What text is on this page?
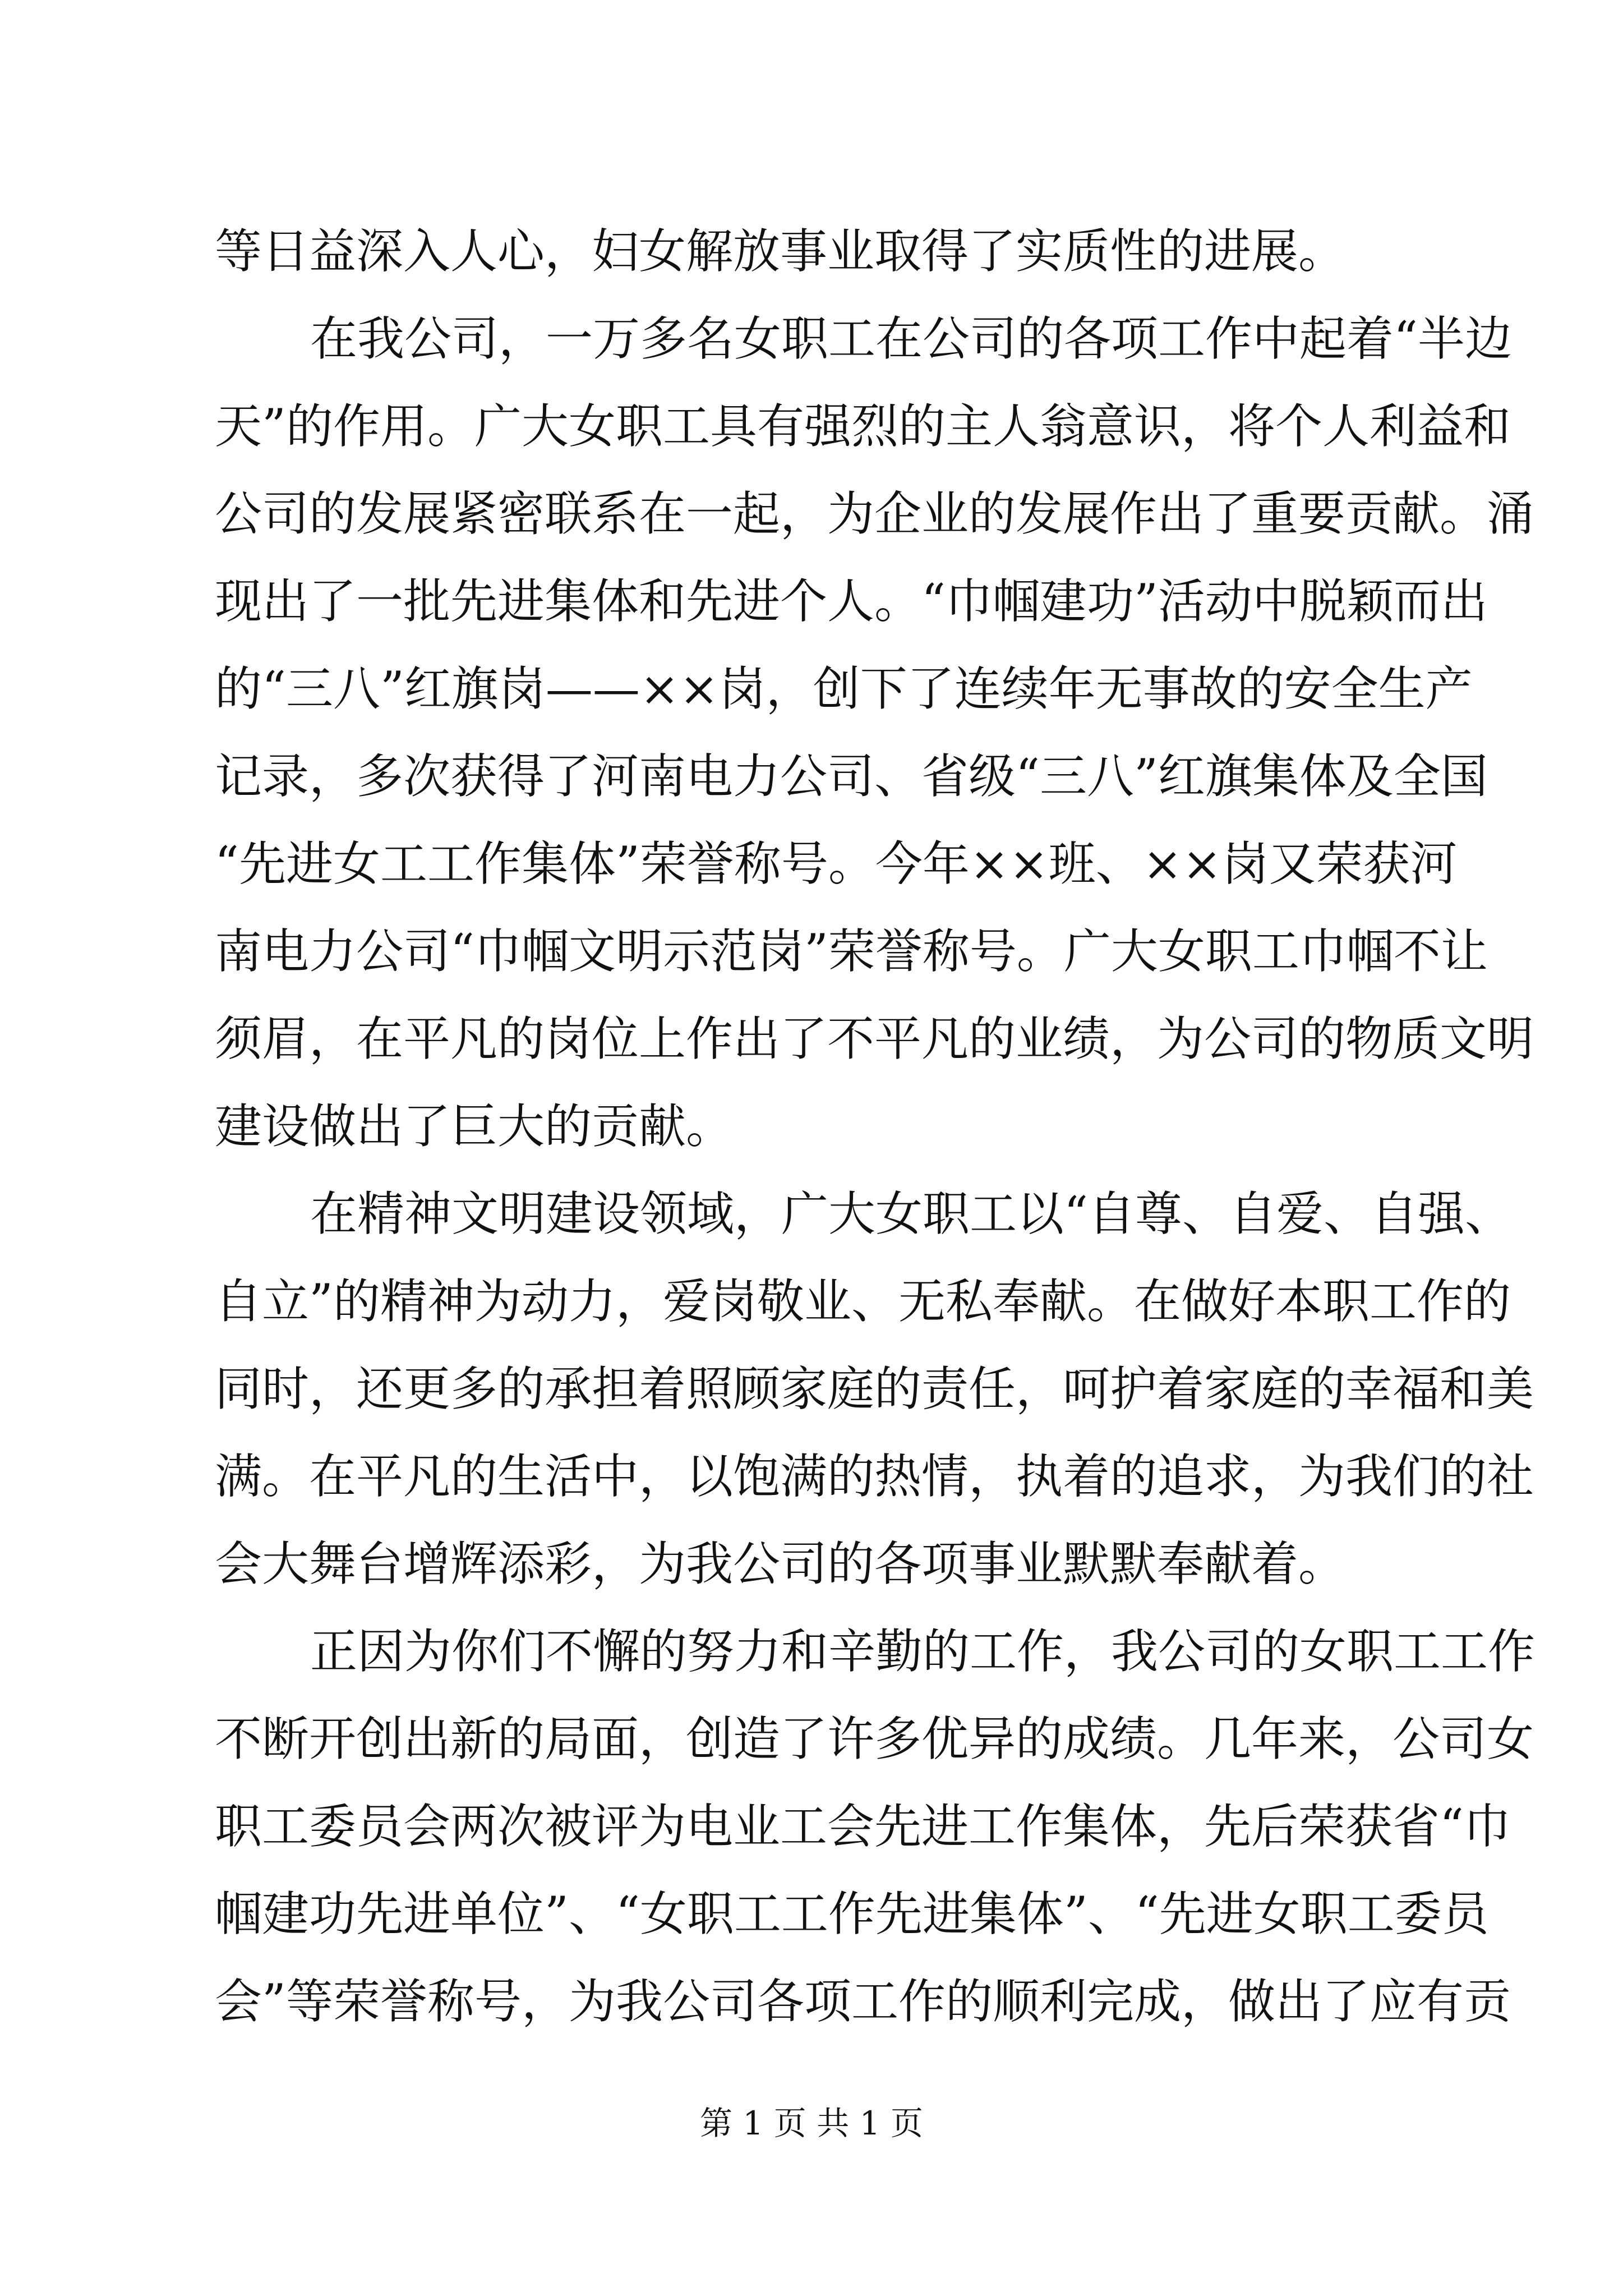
等日益深入人心，妇女解放事业取得了实质性的进展。
在我公司，一万多名女职工在公司的各项工作中起着“半边
天”的作用。广大女职工具有强烈的主人翁意识，将个人利益和
公司的发展紧密联系在一起，为企业的发展作出了重要贡献。涌
现出了一批先进集体和先进个人。“巾帼建功”活动中脱颖而出
的“三八”红旗岗——××岗，创下了连续年无事故的安全生产
记录，多次获得了河南电力公司、省级“三八”红旗集体及全国
“先进女工工作集体”荣誉称号。今年××班、××岗又荣获河
南电力公司“巾帼文明示范岗”荣誉称号。广大女职工巾帼不让
须眉，在平凡的岗位上作出了不平凡的业绩，为公司的物质文明
建设做出了巨大的贡献。
在精神文明建设领域，广大女职工以“自尊、自爱、自强、
自立”的精神为动力，爱岗敬业、无私奉献。在做好本职工作的
同时，还更多的承担着照顾家庭的责任，呵护着家庭的幸福和美
满。在平凡的生活中，以饱满的热情，执着的追求，为我们的社
会大舞台增辉添彩，为我公司的各项事业默默奉献着。
正因为你们不懈的努力和辛勤的工作，我公司的女职工工作
不断开创出新的局面，创造了许多优异的成绩。几年来，公司女
职工委员会两次被评为电业工会先进工作集体，先后荣获省“巾
帼建功先进单位”、“女职工工作先进集体”、“先进女职工委员
会”等荣誉称号，为我公司各项工作的顺利完成，做出了应有贡
第 1 页 共 1 页
